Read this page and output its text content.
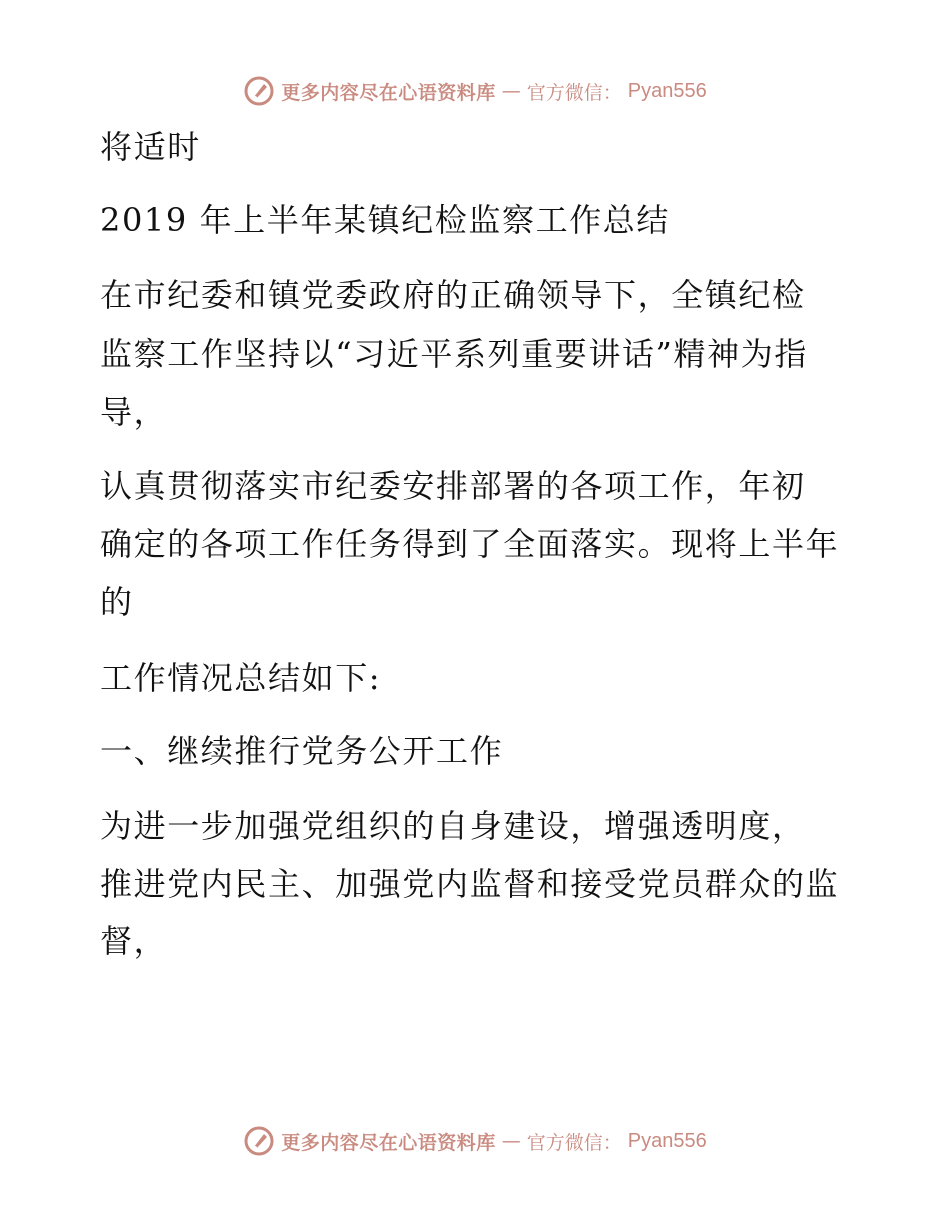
更多内容尽在心语资料库 — 官方微信： Pyan556
将适时
2019 年上半年某镇纪检监察工作总结
在市纪委和镇党委政府的正确领导下，全镇纪检
监察工作坚持以“习近平系列重要讲话”精神为指
导，
认真贯彻落实市纪委安排部署的各项工作，年初
确定的各项工作任务得到了全面落实。现将上半年
的
工作情况总结如下:
一、继续推行党务公开工作
为进一步加强党组织的自身建设，增强透明度，
推进党内民主、加强党内监督和接受党员群众的监
督，
更多内容尽在心语资料库 — 官方微信： Pyan556
